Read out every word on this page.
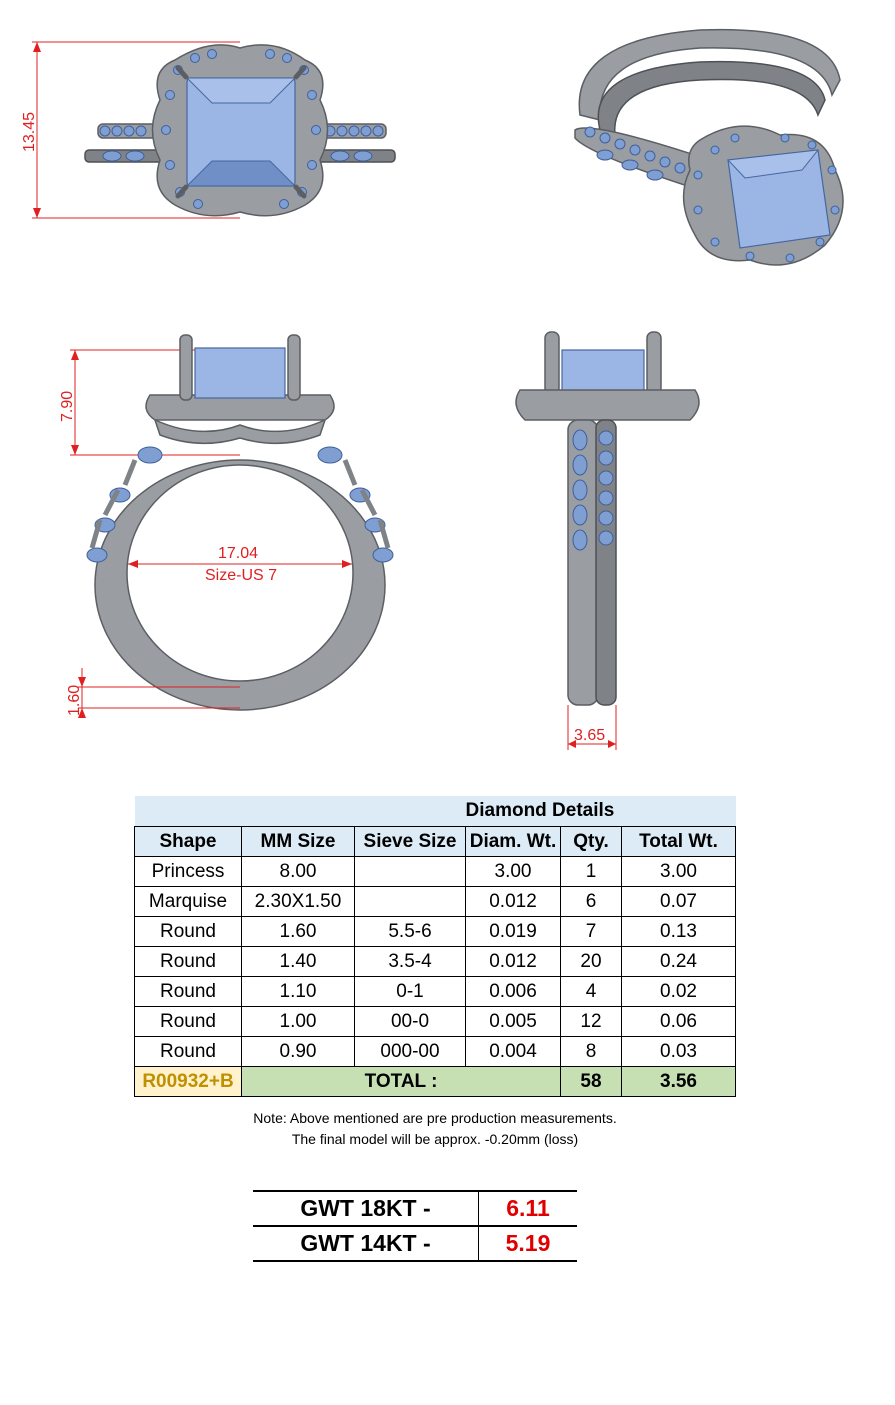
13.45
7.90
17.04
Size-US 7
1.60
3.65
			Diamond Details		
Shape	MM Size	Sieve Size	Diam. Wt.	Qty.	Total Wt.
Princess	8.00		3.00	1	3.00
Marquise	2.30X1.50		0.012	6	0.07
Round	1.60	5.5-6	0.019	7	0.13
Round	1.40	3.5-4	0.012	20	0.24
Round	1.10	0-1	0.006	4	0.02
Round	1.00	00-0	0.005	12	0.06
Round	0.90	000-00	0.004	8	0.03
R00932+B	TOTAL :			58	3.56
Note: Above mentioned are pre production measurements.
The final model will be approx. -0.20mm (loss)
GWT 18KT -	6.11
GWT 14KT -	5.19
